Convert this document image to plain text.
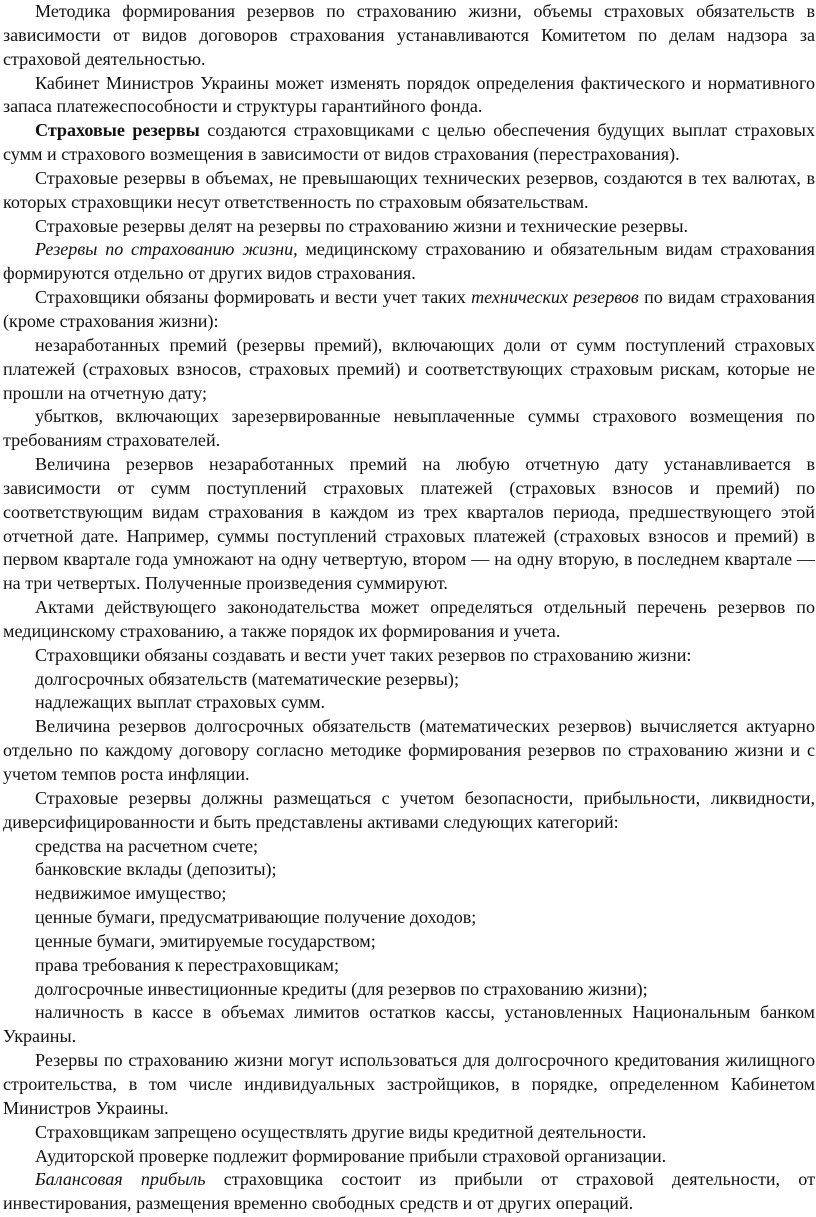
Методика формирования резервов по страхованию жизни, объемы страховых обязательств в зависимости от видов договоров страхования устанавливаются Комитетом по делам надзора за страховой деятельностью.

Кабинет Министров Украины может изменять порядок определения фактического и нормативного запаса платежеспособности и структуры гарантийного фонда.

Страховые резервы создаются страховщиками с целью обеспечения будущих выплат страховых сумм и страхового возмещения в зависимости от видов страхования (перестрахования).

Страховые резервы в объемах, не превышающих технических резервов, создаются в тех валютах, в которых страховщики несут ответственность по страховым обязательствам.

Страховые резервы делят на резервы по страхованию жизни и технические резервы.

Резервы по страхованию жизни, медицинскому страхованию и обязательным видам страхования формируются отдельно от других видов страхования.

Страховщики обязаны формировать и вести учет таких технических резервов по видам страхования (кроме страхования жизни):

незаработанных премий (резервы премий), включающих доли от сумм поступлений страховых платежей (страховых взносов, страховых премий) и соответствующих страховым рискам, которые не прошли на отчетную дату;

убытков, включающих зарезервированные невыплаченные суммы страхового возмещения по требованиям страхователей.

Величина резервов незаработанных премий на любую отчетную дату устанавливается в зависимости от сумм поступлений страховых платежей (страховых взносов и премий) по соответствующим видам страхования в каждом из трех кварталов периода, предшествующего этой отчетной дате. Например, суммы поступлений страховых платежей (страховых взносов и премий) в первом квартале года умножают на одну четвертую, втором — на одну вторую, в последнем квартале — на три четвертых. Полученные произведения суммируют.

Актами действующего законодательства может определяться отдельный перечень резервов по медицинскому страхованию, а также порядок их формирования и учета.

Страховщики обязаны создавать и вести учет таких резервов по страхованию жизни:

долгосрочных обязательств (математические резервы);

надлежащих выплат страховых сумм.

Величина резервов долгосрочных обязательств (математических резервов) вычисляется актуарно отдельно по каждому договору согласно методике формирования резервов по страхованию жизни и с учетом темпов роста инфляции.

Страховые резервы должны размещаться с учетом безопасности, прибыльности, ликвидности, диверсифицированности и быть представлены активами следующих категорий:

средства на расчетном счете;

банковские вклады (депозиты);

недвижимое имущество;

ценные бумаги, предусматривающие получение доходов;

ценные бумаги, эмитируемые государством;

права требования к перестраховщикам;

долгосрочные инвестиционные кредиты (для резервов по страхованию жизни);

наличность в кассе в объемах лимитов остатков кассы, установленных Национальным банком Украины.

Резервы по страхованию жизни могут использоваться для долгосрочного кредитования жилищного строительства, в том числе индивидуальных застройщиков, в порядке, определенном Кабинетом Министров Украины.

Страховщикам запрещено осуществлять другие виды кредитной деятельности.

Аудиторской проверке подлежит формирование прибыли страховой организации.

Балансовая прибыль страховщика состоит из прибыли от страховой деятельности, от инвестирования, размещения временно свободных средств и от других операций.
